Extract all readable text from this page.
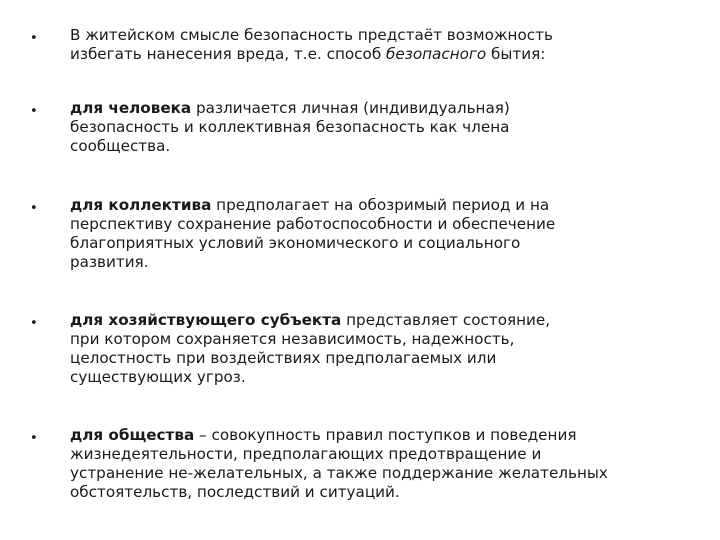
• В житейском смысле безопасность предстаёт возможность
избегать нанесения вреда, т.е. способ безопасного бытия:
• для человека различается личная (индивидуальная)
безопасность и коллективная безопасность как члена
сообщества.
• для коллектива предполагает на обозримый период и на
перспективу сохранение работоспособности и обеспечение
благоприятных условий экономического и социального
развития.
• для хозяйствующего субъекта представляет состояние,
при котором сохраняется независимость, надежность,
целостность при воздействиях предполагаемых или
существующих угроз.
• для общества – совокупность правил поступков и поведения
жизнедеятельности, предполагающих предотвращение и
устранение не-желательных, а также поддержание желательных
обстоятельств, последствий и ситуаций.
